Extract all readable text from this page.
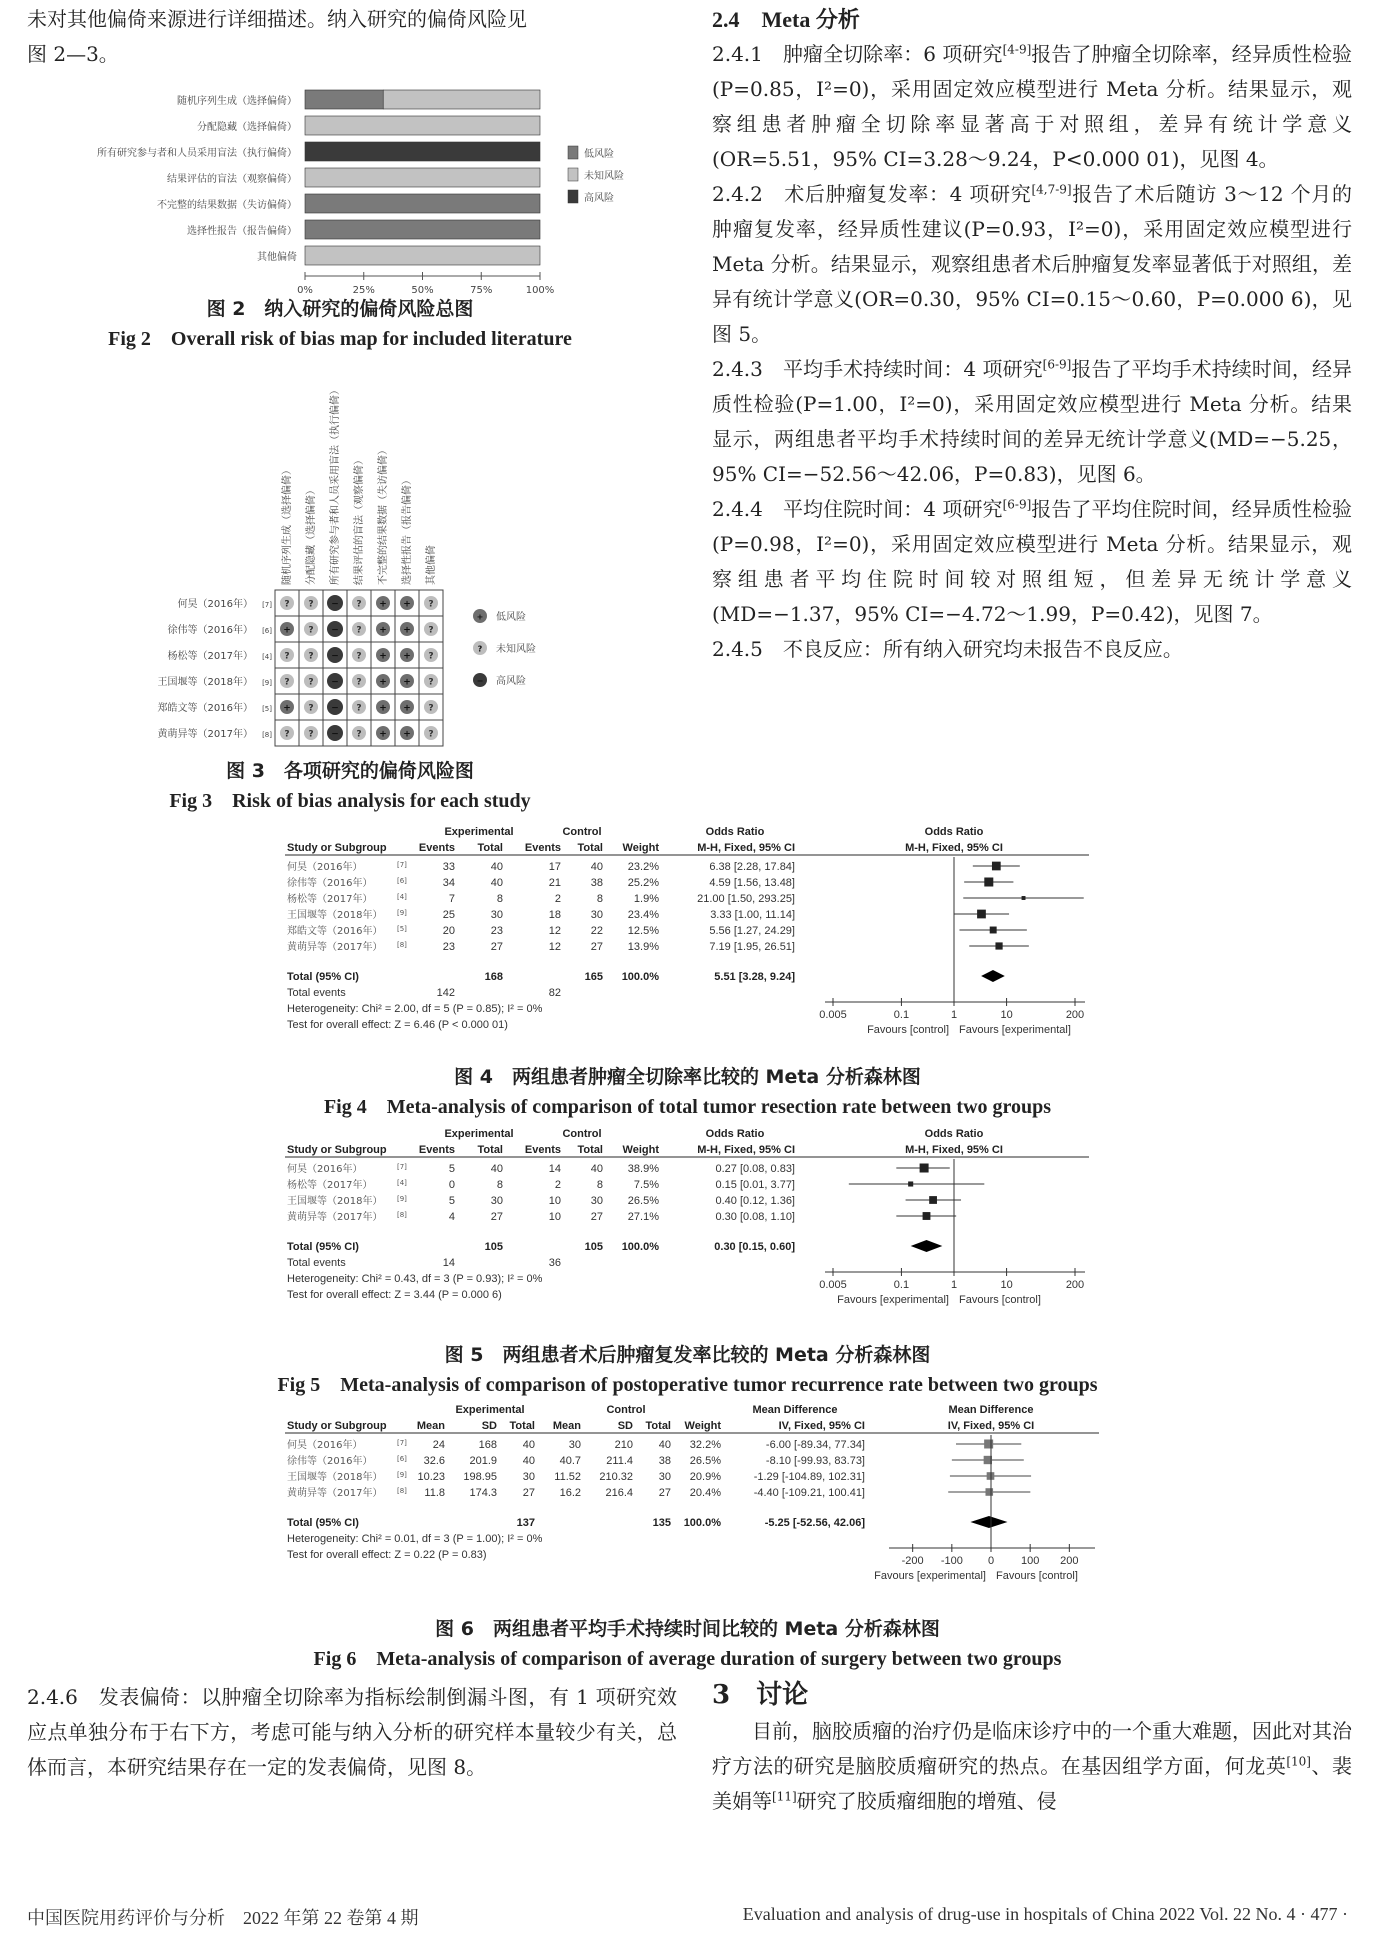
未对其他偏倚来源进行详细描述。纳入研究的偏倚风险见
图 2—3。
随机序列生成（选择偏倚）
分配隐藏（选择偏倚）
所有研究参与者和人员采用盲法（执行偏倚）
结果评估的盲法（观察偏倚）
不完整的结果数据（失访偏倚）
选择性报告（报告偏倚）
其他偏倚
0%	25%	50%	75%	100%
低风险
未知风险
高风险
图 2　纳入研究的偏倚风险总图
Fig 2　Overall risk of bias map for included literature
随机序列生成（选择偏倚） 分配隐藏（选择偏倚） 所有研究参与者和人员采用盲法（执行偏倚） 结果评估的盲法（观察偏倚） 不完整的结果数据（失访偏倚） 选择性报告（报告偏倚） 其他偏倚
何昊（2016年） [7] ? ? − ? + + ?
徐伟等（2016年） [6] + ? − ? + + ?
杨松等（2017年） [4] ? ? − ? + + ?
王国堰等（2018年） [9] ? ? − ? + + ?
郑皓文等（2016年） [5] + ? − ? + + ?
黄萌异等（2017年） [8] ? ? − ? + + ?
+ 低风险
? 未知风险
− 高风险
图 3　各项研究的偏倚风险图
Fig 3　Risk of bias analysis for each study
2.4　Meta 分析
2.4.1　肿瘤全切除率：6 项研究[4-9]报告了肿瘤全切除率，经异质性检验(P=0.85，I²=0)，采用固定效应模型进行 Meta 分析。结果显示，观察组患者肿瘤全切除率显著高于对照组，差异有统计学意义(OR=5.51，95% CI=3.28～9.24，P<0.000 01)，见图 4。
2.4.2　术后肿瘤复发率：4 项研究[4,7-9]报告了术后随访 3～12 个月的肿瘤复发率，经异质性建议(P=0.93，I²=0)，采用固定效应模型进行 Meta 分析。结果显示，观察组患者术后肿瘤复发率显著低于对照组，差异有统计学意义(OR=0.30，95% CI=0.15～0.60，P=0.000 6)，见图 5。
2.4.3　平均手术持续时间：4 项研究[6-9]报告了平均手术持续时间，经异质性检验(P=1.00，I²=0)，采用固定效应模型进行 Meta 分析。结果显示，两组患者平均手术持续时间的差异无统计学意义(MD=−5.25，95% CI=−52.56～42.06，P=0.83)，见图 6。
2.4.4　平均住院时间：4 项研究[6-9]报告了平均住院时间，经异质性检验(P=0.98，I²=0)，采用固定效应模型进行 Meta 分析。结果显示，观察组患者平均住院时间较对照组短，但差异无统计学意义(MD=−1.37，95% CI=−4.72～1.99，P=0.42)，见图 7。
2.4.5　不良反应：所有纳入研究均未报告不良反应。
Experimental	Control	Odds Ratio	Odds Ratio
Study or Subgroup	Events Total Events Total Weight	M-H, Fixed, 95% CI	M-H, Fixed, 95% CI
何昊（2016年）	[7]	33	40	17	40 23.2%	6.38 [2.28, 17.84]
徐伟等（2016年）	[6]	34	40	21	38 25.2%	4.59 [1.56, 13.48]
杨松等（2017年）	[4]	7	8	2	8	1.9%	21.00 [1.50, 293.25]
王国堰等（2018年） [9]	25	30	18	30 23.4%	3.33 [1.00, 11.14]
郑皓文等（2016年） [5]	20	23	12	22 12.5%	5.56 [1.27, 24.29]
黄萌异等（2017年） [8]	23	27	12	27 13.9%	7.19 [1.95, 26.51]
Total (95% CI)	168	165 100.0%	5.51 [3.28, 9.24]
Total events	142	82
Heterogeneity: Chi² = 2.00, df = 5 (P = 0.85); I² = 0%
Test for overall effect: Z = 6.46 (P < 0.000 01)
0.005	0.1	1	10	200
Favours [control] Favours [experimental]
图 4　两组患者肿瘤全切除率比较的 Meta 分析森林图
Fig 4　Meta-analysis of comparison of total tumor resection rate between two groups
Experimental	Control	Odds Ratio	Odds Ratio
Study or Subgroup	Events Total Events Total Weight	M-H, Fixed, 95% CI	M-H, Fixed, 95% CI
何昊（2016年）	[7]	5	40	14	40 38.9%	0.27 [0.08, 0.83]
杨松等（2017年）	[4]	0	8	2	8	7.5%	0.15 [0.01, 3.77]
王国堰等（2018年） [9]	5	30	10	30 26.5%	0.40 [0.12, 1.36]
黄萌异等（2017年） [8]	4	27	10	27 27.1%	0.30 [0.08, 1.10]
Total (95% CI)	105	105 100.0%	0.30 [0.15, 0.60]
Total events	14	36
Heterogeneity: Chi² = 0.43, df = 3 (P = 0.93); I² = 0%
Test for overall effect: Z = 3.44 (P = 0.000 6)
0.005	0.1	1	10	200
Favours [experimental] Favours [control]
图 5　两组患者术后肿瘤复发率比较的 Meta 分析森林图
Fig 5　Meta-analysis of comparison of postoperative tumor recurrence rate between two groups
Experimental	Control	Mean Difference	Mean Difference
Study or Subgroup	Mean	SD Total Mean	SD Total Weight	IV, Fixed, 95% CI	IV, Fixed, 95% CI
何昊（2016年）	[7] 24	168 40	30	210 40 32.2%	-6.00 [-89.34, 77.34]
徐伟等（2016年）	[6] 32.6 201.9 40 40.7 211.4 38 26.5%	-8.10 [-99.93, 83.73]
王国堰等（2018年） [9] 10.23 198.95 30 11.52 210.32 30 20.9%	-1.29 [-104.89, 102.31]
黄萌异等（2017年） [8] 11.8 174.3 27 16.2 216.4 27 20.4%	-4.40 [-109.21, 100.41]
Total (95% CI)	137	135 100.0%	-5.25 [-52.56, 42.06]
Heterogeneity: Chi² = 0.01, df = 3 (P = 1.00); I² = 0%
Test for overall effect: Z = 0.22 (P = 0.83)	-200 -100 0 100 200
Favours [experimental] Favours [control]
图 6　两组患者平均手术持续时间比较的 Meta 分析森林图
Fig 6　Meta-analysis of comparison of average duration of surgery between two groups
2.4.6　发表偏倚：以肿瘤全切除率为指标绘制倒漏斗图，有 1 项研究效应点单独分布于右下方，考虑可能与纳入分析的研究样本量较少有关，总体而言，本研究结果存在一定的发表偏倚，见图 8。
3　讨论
目前，脑胶质瘤的治疗仍是临床诊疗中的一个重大难题，因此对其治疗方法的研究是脑胶质瘤研究的热点。在基因组学方面，何龙英[10]、裴美娟等[11]研究了胶质瘤细胞的增殖、侵
中国医院用药评价与分析　2022 年第 22 卷第 4 期	Evaluation and analysis of drug-use in hospitals of China 2022 Vol. 22 No. 4 · 477 ·
